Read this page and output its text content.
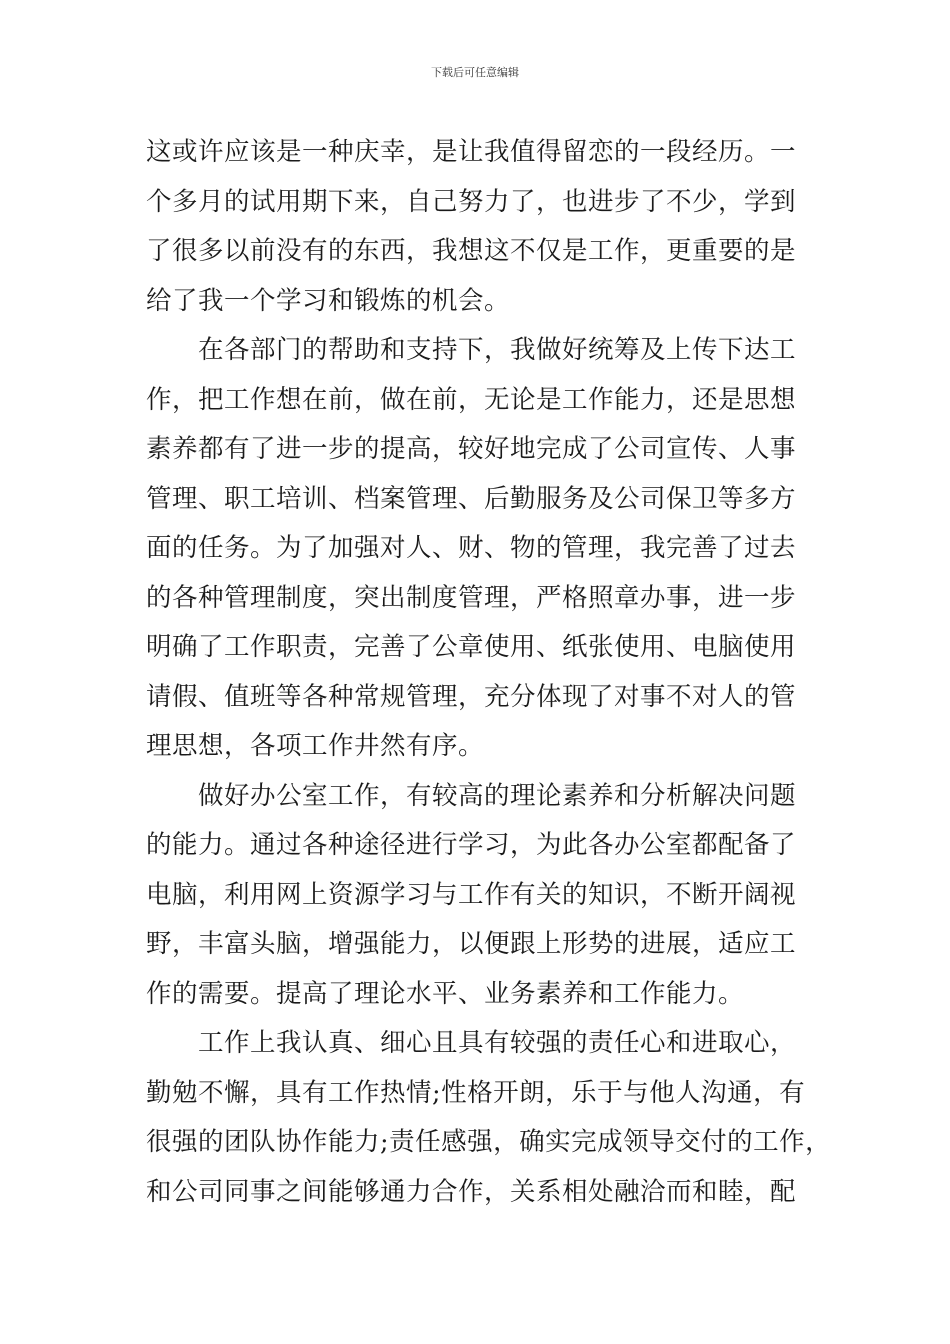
下载后可任意编辑
这或许应该是一种庆幸，是让我值得留恋的一段经历。一
个多月的试用期下来，自己努力了，也进步了不少，学到
了很多以前没有的东西，我想这不仅是工作，更重要的是
给了我一个学习和锻炼的机会。
在各部门的帮助和支持下，我做好统筹及上传下达工
作，把工作想在前，做在前，无论是工作能力，还是思想
素养都有了进一步的提高，较好地完成了公司宣传、人事
管理、职工培训、档案管理、后勤服务及公司保卫等多方
面的任务。为了加强对人、财、物的管理，我完善了过去
的各种管理制度，突出制度管理，严格照章办事，进一步
明确了工作职责，完善了公章使用、纸张使用、电脑使用
请假、值班等各种常规管理，充分体现了对事不对人的管
理思想，各项工作井然有序。
做好办公室工作，有较高的理论素养和分析解决问题
的能力。通过各种途径进行学习，为此各办公室都配备了
电脑，利用网上资源学习与工作有关的知识，不断开阔视
野，丰富头脑，增强能力，以便跟上形势的进展，适应工
作的需要。提高了理论水平、业务素养和工作能力。
工作上我认真、细心且具有较强的责任心和进取心，
勤勉不懈，具有工作热情;性格开朗，乐于与他人沟通，有
很强的团队协作能力;责任感强，确实完成领导交付的工作，
和公司同事之间能够通力合作，关系相处融洽而和睦，配
